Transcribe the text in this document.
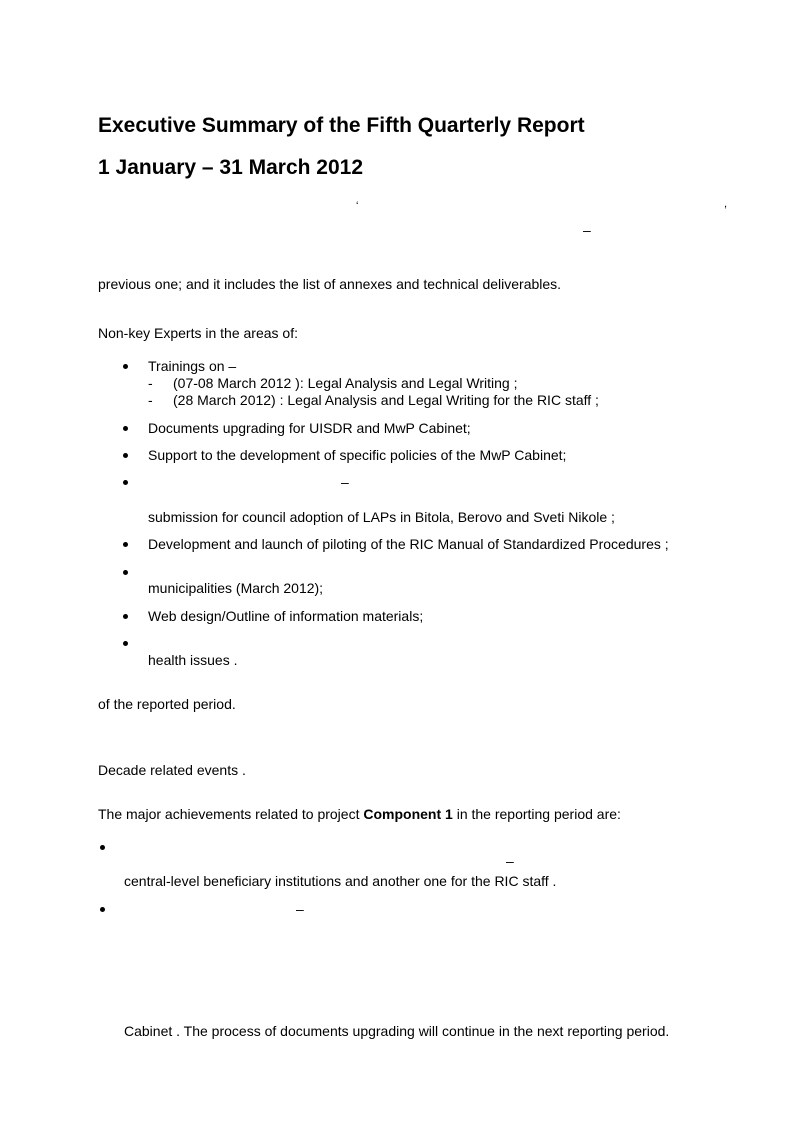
Executive Summary of the Fifth Quarterly Report
1 January – 31 March 2012
‘	,
–

previous one; and it includes the list of annexes and technical deliverables.

Non-key Experts in the areas of:

Trainings on –
- (07-08 March 2012 ): Legal Analysis and Legal Writing ;
- (28 March 2012) : Legal Analysis and Legal Writing for the RIC staff ;
Documents upgrading for UISDR and MwP Cabinet;
Support to the development of specific policies of the MwP Cabinet;
–
submission for council adoption of LAPs in Bitola, Berovo and Sveti Nikole ;
Development and launch of piloting of the RIC Manual of Standardized Procedures ;
municipalities (March 2012);
Web design/Outline of information materials;
health issues .

of the reported period.

Decade related events .

The major achievements related to project Component 1 in the reporting period are:

–
central-level beneficiary institutions and another one for the RIC staff .
–
Cabinet . The process of documents upgrading will continue in the next reporting period.
